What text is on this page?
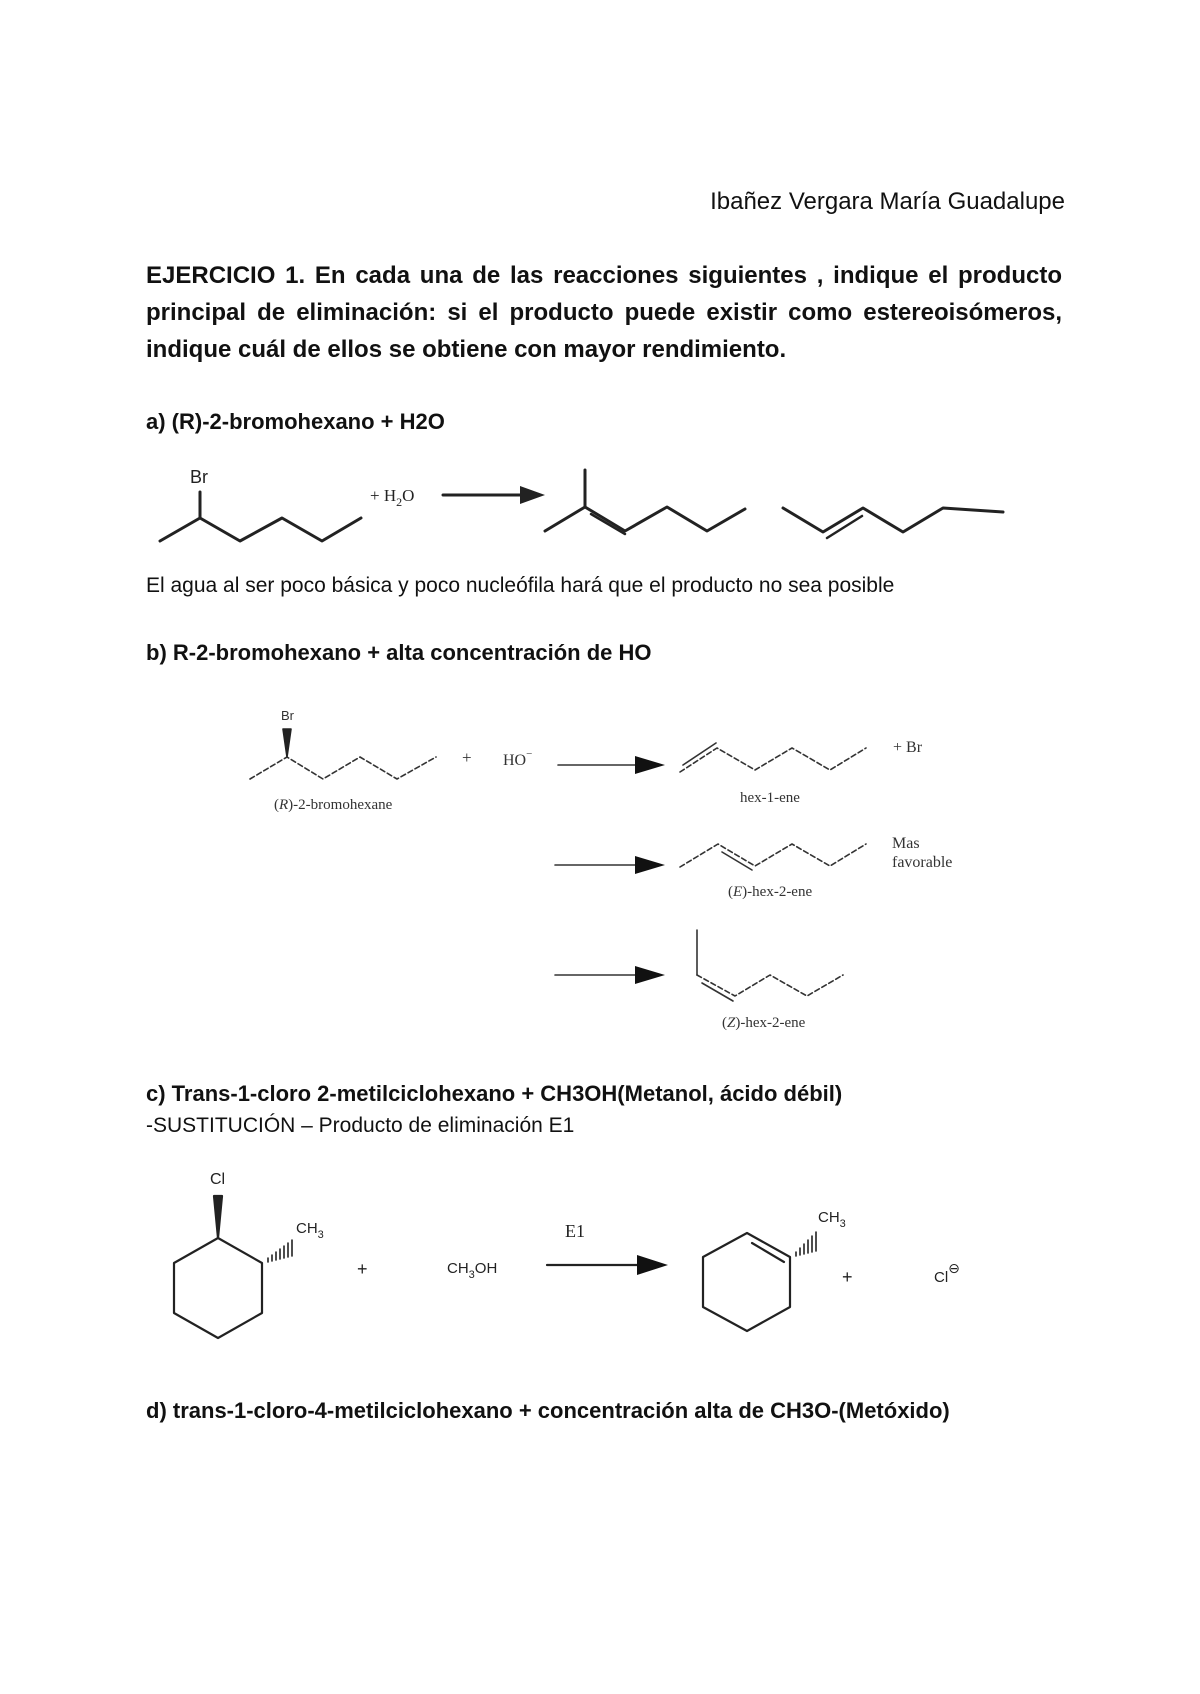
Ibañez Vergara María Guadalupe
EJERCICIO 1. En cada una de las reacciones siguientes , indique el producto principal de eliminación: si el producto puede existir como estereoisómeros, indique cuál de ellos se obtiene con mayor rendimiento.
a) (R)-2-bromohexano + H2O
Br
+ $H_2O$
Br
(R)-2-bromohexane
+ HO−	+ Br
hex-1-ene
(E)-hex-2-ene
Mas
favorable
(Z)-hex-2-ene
Cl
$CH_3$
+	$CH_3OH$
E1
$CH_3$
+	Cl⊖
El agua al ser poco básica y poco nucleófila hará que el producto no sea posible
b) R-2-bromohexano + alta concentración de HO
c) Trans-1-cloro 2-metilciclohexano + CH3OH(Metanol, ácido débil)
-SUSTITUCIÓN – Producto de eliminación E1
d) trans-1-cloro-4-metilciclohexano + concentración alta de CH3O-(Metóxido)
